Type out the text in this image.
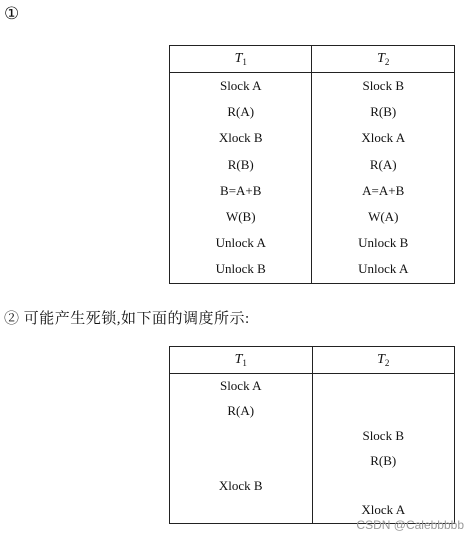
①
$T_1$	$T_2$
Slock A	Slock B
R(A)	R(B)
Xlock B	Xlock A
R(B)	R(A)
B=A+B	A=A+B
W(B)	W(A)
Unlock A	Unlock B
Unlock B	Unlock A
② 可能产生死锁,如下面的调度所示:
$T_1$	$T_2$
Slock A	
R(A)	
	Slock B
	R(B)
Xlock B	
	Xlock A
CSDN @Calebbbbb
